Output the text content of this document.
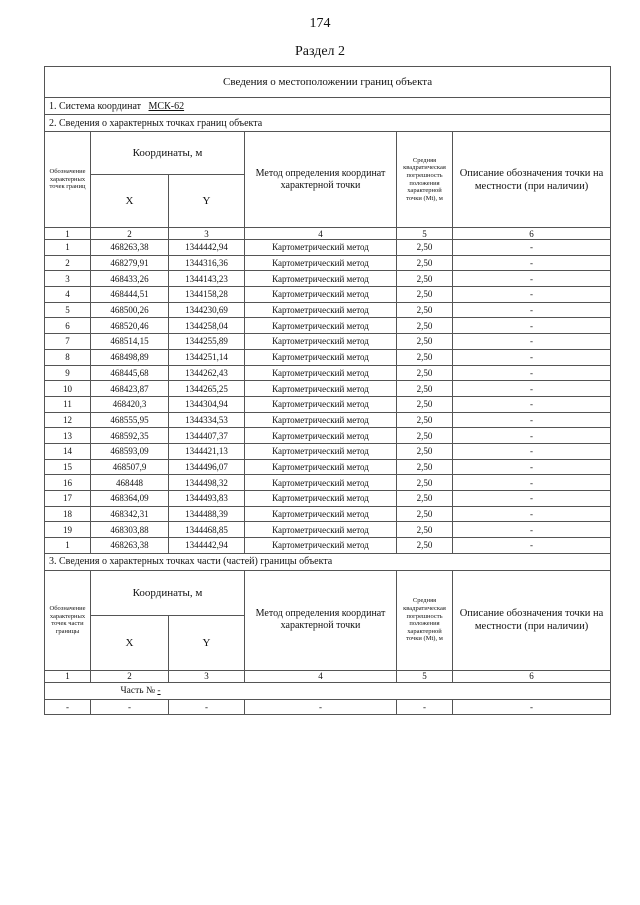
174
Раздел 2
Сведения о местоположении границ объекта					
1. Система координат МСК-62					
2. Сведения о характерных точках границ объекта					
Обозначение характерных точек границ	Координаты, м		Метод определения координат характерной точки	Средняя квадратическая погрешность положения характерной точки (Мt), м	Описание обозначения точки на местности (при наличии)
	X	Y			
1	2	3	4	5	6
1	468263,38	1344442,94	Картометрический метод	2,50	-
2	468279,91	1344316,36	Картометрический метод	2,50	-
3	468433,26	1344143,23	Картометрический метод	2,50	-
4	468444,51	1344158,28	Картометрический метод	2,50	-
5	468500,26	1344230,69	Картометрический метод	2,50	-
6	468520,46	1344258,04	Картометрический метод	2,50	-
7	468514,15	1344255,89	Картометрический метод	2,50	-
8	468498,89	1344251,14	Картометрический метод	2,50	-
9	468445,68	1344262,43	Картометрический метод	2,50	-
10	468423,87	1344265,25	Картометрический метод	2,50	-
11	468420,3	1344304,94	Картометрический метод	2,50	-
12	468555,95	1344334,53	Картометрический метод	2,50	-
13	468592,35	1344407,37	Картометрический метод	2,50	-
14	468593,09	1344421,13	Картометрический метод	2,50	-
15	468507,9	1344496,07	Картометрический метод	2,50	-
16	468448	1344498,32	Картометрический метод	2,50	-
17	468364,09	1344493,83	Картометрический метод	2,50	-
18	468342,31	1344488,39	Картометрический метод	2,50	-
19	468303,88	1344468,85	Картометрический метод	2,50	-
1	468263,38	1344442,94	Картометрический метод	2,50	-
3. Сведения о характерных точках части (частей) границы объекта					
Обозначение характерных точек части границы	Координаты, м		Метод определения координат характерной точки	Средняя квадратическая погрешность положения характерной точки (Мt), м	Описание обозначения точки на местности (при наличии)
	X	Y			
1	2	3	4	5	6
	Часть № -				
-	-	-	-	-	-
